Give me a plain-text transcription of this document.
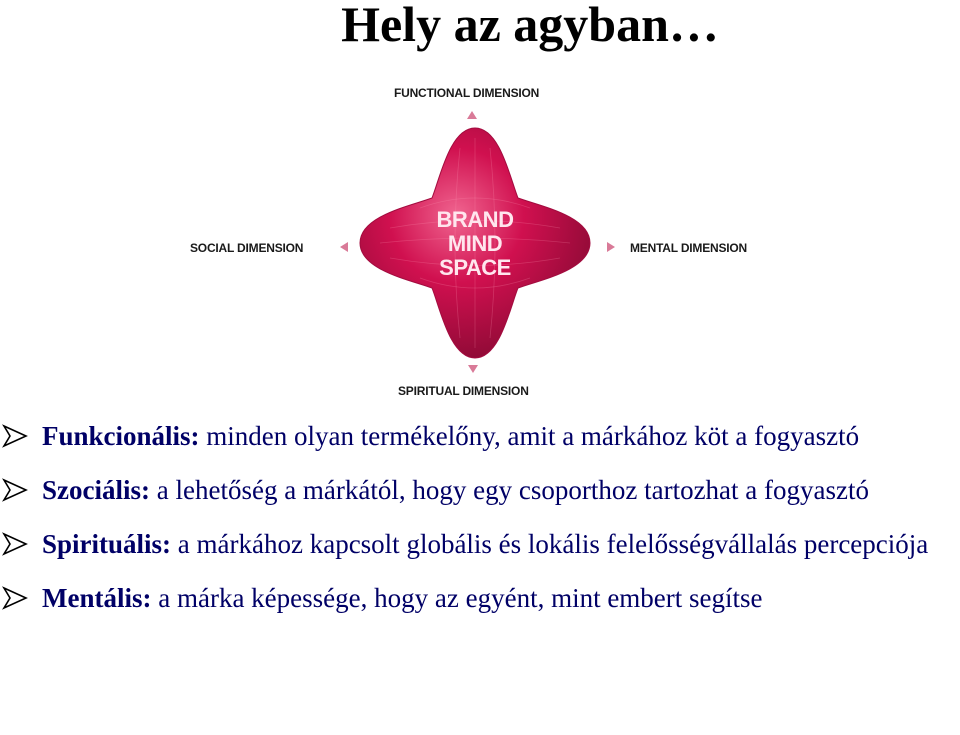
Hely az agyban…
FUNCTIONAL DIMENSION
SOCIAL DIMENSION	MENTAL DIMENSION
SPIRITUAL DIMENSION
BRAND
MIND
SPACE
Funkcionális: minden olyan termékelőny, amit a márkához köt a fogyasztó
Szociális: a lehetőség a márkától, hogy egy csoporthoz tartozhat a fogyasztó
Spirituális: a márkához kapcsolt globális és lokális felelősségvállalás percepciója
Mentális: a márka képessége, hogy az egyént, mint embert segítse
